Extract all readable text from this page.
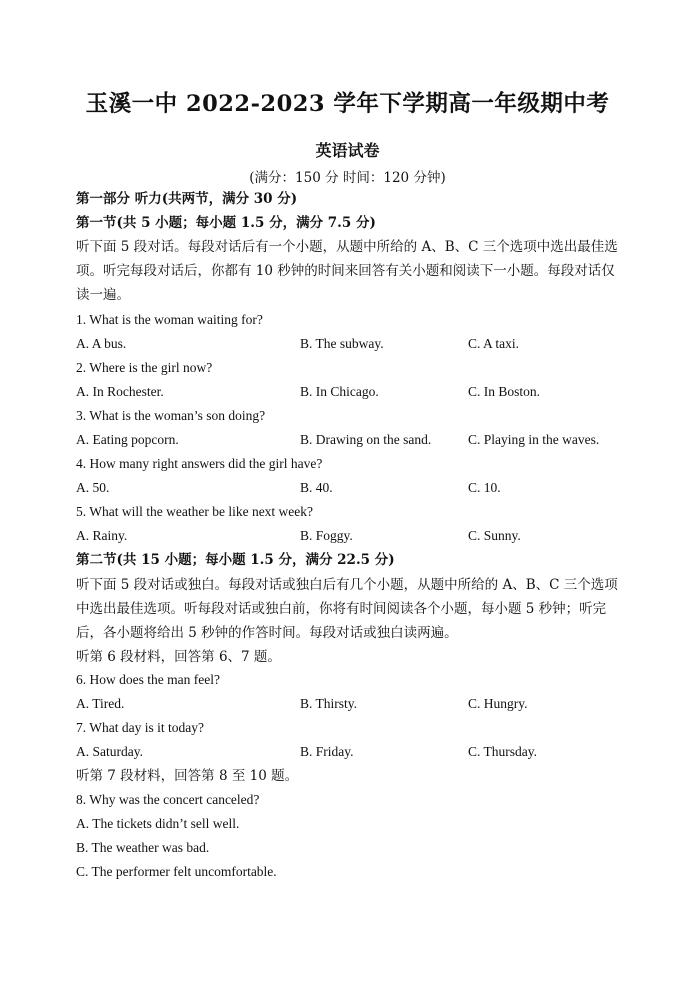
玉溪一中 2022-2023 学年下学期高一年级期中考
英语试卷
(满分：150 分 时间：120 分钟)
第一部分 听力(共两节，满分 30 分)
第一节(共 5 小题；每小题 1.5 分，满分 7.5 分)
听下面 5 段对话。每段对话后有一个小题，从题中所给的 A、B、C 三个选项中选出最佳选
项。听完每段对话后，你都有 10 秒钟的时间来回答有关小题和阅读下一小题。每段对话仅
读一遍。
1. What is the woman waiting for?
A. A bus.	B. The subway.	C. A taxi.
2. Where is the girl now?
A. In Rochester.	B. In Chicago.	C. In Boston.
3. What is the woman’s son doing?
A. Eating popcorn.	B. Drawing on the sand.	C. Playing in the waves.
4. How many right answers did the girl have?
A. 50.	B. 40.	C. 10.
5. What will the weather be like next week?
A. Rainy.	B. Foggy.	C. Sunny.
第二节(共 15 小题；每小题 1.5 分，满分 22.5 分)
听下面 5 段对话或独白。每段对话或独白后有几个小题，从题中所给的 A、B、C 三个选项
中选出最佳选项。听每段对话或独白前，你将有时间阅读各个小题，每小题 5 秒钟；听完
后，各小题将给出 5 秒钟的作答时间。每段对话或独白读两遍。
听第 6 段材料，回答第 6、7 题。
6. How does the man feel?
A. Tired.	B. Thirsty.	C. Hungry.
7. What day is it today?
A. Saturday.	B. Friday.	C. Thursday.
听第 7 段材料，回答第 8 至 10 题。
8. Why was the concert canceled?
A. The tickets didn’t sell well.
B. The weather was bad.
C. The performer felt uncomfortable.
